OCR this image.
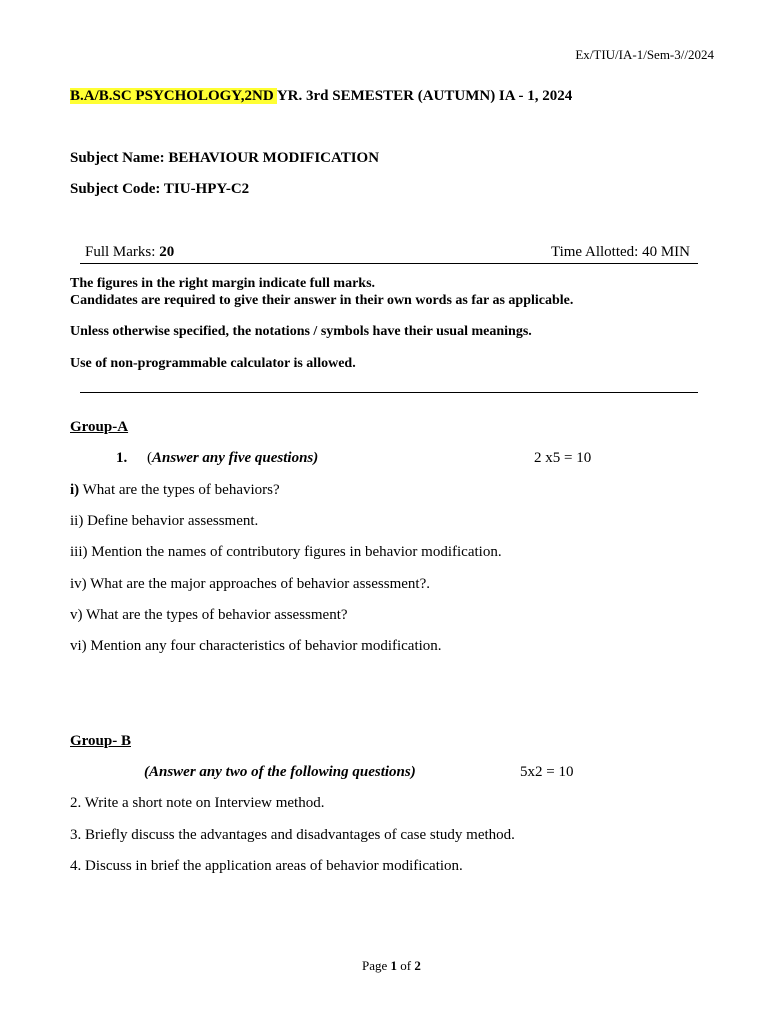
Ex/TIU/IA-1/Sem-3//2024
B.A/B.SC PSYCHOLOGY,2ND YR. 3rd SEMESTER (AUTUMN) IA - 1, 2024
Subject Name: BEHAVIOUR MODIFICATION
Subject Code: TIU-HPY-C2
Full Marks: 20	Time Allotted: 40 MIN
The figures in the right margin indicate full marks.
Candidates are required to give their answer in their own words as far as applicable.
Unless otherwise specified, the notations / symbols have their usual meanings.
Use of non-programmable calculator is allowed.
Group-A
1. (Answer any five questions)	2 x5 = 10
i) What are the types of behaviors?
ii) Define behavior assessment.
iii) Mention the names of contributory figures in behavior modification.
iv) What are the major approaches of behavior assessment?.
v) What are the types of behavior assessment?
vi) Mention any four characteristics of behavior modification.
Group- B
(Answer any two of the following questions)	5x2 = 10
2. Write a short note on Interview method.
3. Briefly discuss the advantages and disadvantages of case study method.
4. Discuss in brief the application areas of behavior modification.
Page 1 of 2
